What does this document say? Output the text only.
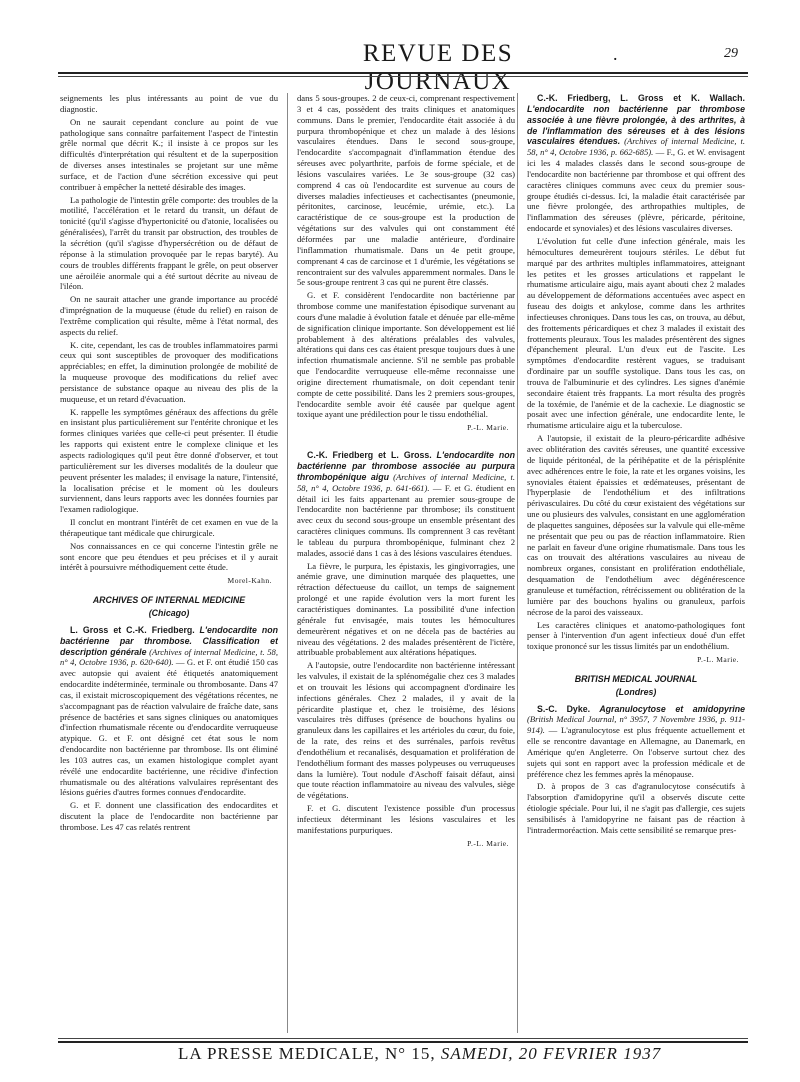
REVUE DES JOURNAUX
.	29

seignements les plus intéressants au point de vue du diagnostic.

On ne saurait cependant conclure au point de vue pathologique sans connaître parfaitement l'aspect de l'intestin grêle normal que décrit K.; il insiste à ce propos sur les difficultés d'interprétation qui résultent et de la superposition de diverses anses intestinales se projetant sur une même surface, et de l'action d'une sécrétion excessive qui peut contribuer à empêcher la netteté désirable des images.

La pathologie de l'intestin grêle comporte: des troubles de la motilité, l'accélération et le retard du transit, un défaut de tonicité (qu'il s'agisse d'hypertonicité ou d'atonie, localisées ou généralisées), l'arrêt du transit par obstruction, des troubles de la sécrétion (qu'il s'agisse d'hypersécrétion ou de défaut de réponse à la stimulation provoquée par le repas baryté). Au cours de troubles différents frappant le grêle, on peut observer une aéroiléie anormale qui a été surtout décrite au niveau de l'iléon.

On ne saurait attacher une grande importance au procédé d'imprégnation de la muqueuse (étude du relief) en raison de l'extrême complication qui résulte, même à l'état normal, des aspects du relief.

K. cite, cependant, les cas de troubles inflammatoires parmi ceux qui sont susceptibles de provoquer des modifications appréciables; en effet, la diminution prolongée de mobilité de la muqueuse provoque des modifications du relief avec persistance de substance opaque au niveau des plis de la muqueuse, et un retard d'évacuation.

K. rappelle les symptômes généraux des affections du grêle en insistant plus particulièrement sur l'entérite chronique et les formes cliniques variées que celle-ci peut présenter. Il étudie les rapports qui existent entre le complexe clinique et les aspects radiologiques qu'il peut être donné d'observer, et tout particulièrement sur les diverses modalités de la douleur que peuvent présenter les malades; il envisage la nature, l'intensité, la localisation précise et le moment où les douleurs surviennent, dans leurs rapports avec les données fournies par l'examen radiologique.

Il conclut en montrant l'intérêt de cet examen en vue de la thérapeutique tant médicale que chirurgicale.

Nos connaissances en ce qui concerne l'intestin grêle ne sont encore que peu étendues et peu précises et il y aurait intérêt à poursuivre méthodiquement cette étude.

Morel-Kahn.

ARCHIVES OF INTERNAL MEDICINE

(Chicago)

L. Gross et C.-K. Friedberg. L'endocardite non bactérienne par thrombose. Classification et description générale (Archives of internal Medicine, t. 58, n° 4, Octobre 1936, p. 620-640). — G. et F. ont étudié 150 cas avec autopsie qui avaient été étiquetés anatomiquement endocardite indéterminée, terminale ou thrombosante. Dans 47 cas, il existait microscopiquement des végétations récentes, ne s'accompagnant pas de réaction valvulaire de fraîche date, sans présence de bactéries et sans signes cliniques ou anatomiques d'infection rhumatismale récente ou d'endocardite verruqueuse atypique. G. et F. ont désigné cet état sous le nom d'endocardite non bactérienne par thrombose. Ils ont éliminé les 103 autres cas, un examen histologique complet ayant révélé une endocardite bactérienne, une récidive d'infection rhumatismale ou des altérations valvulaires représentant des lésions guéries d'autres formes connues d'endocardite.

G. et F. donnent une classification des endocardites et discutent la place de l'endocardite non bactérienne par thrombose. Les 47 cas relatés rentrent

dans 5 sous-groupes. 2 de ceux-ci, comprenant respectivement 3 et 4 cas, possèdent des traits cliniques et anatomiques communs. Dans le premier, l'endocardite était associée à du purpura thrombopénique et chez un malade à des lésions vasculaires étendues. Dans le second sous-groupe, l'endocardite s'accompagnait d'inflammation étendue des séreuses avec polyarthrite, parfois de forme spéciale, et de lésions vasculaires variées. Le 3e sous-groupe (32 cas) comprend 4 cas où l'endocardite est survenue au cours de diverses maladies infectieuses et cachectisantes (pneumonie, péritonites, carcinose, leucémie, urémie, etc.). La caractéristique de ce sous-groupe est la production de végétations sur des valvules qui ont constamment été déformées par une maladie antérieure, d'ordinaire l'inflammation rhumatismale. Dans un 4e petit groupe, comprenant 4 cas de carcinose et 1 d'urémie, les végétations se rencontraient sur des valvules apparemment normales. Dans le 5e sous-groupe rentrent 3 cas qui ne purent être classés.

G. et F. considèrent l'endocardite non bactérienne par thrombose comme une manifestation épisodique survenant au cours d'une maladie à évolution fatale et dénuée par elle-même de signification clinique importante. Son développement est lié probablement à des altérations préalables des valvules, altérations qui dans ces cas étaient presque toujours dues à une infection rhumatismale ancienne. S'il ne semble pas probable que l'endocardite verruqueuse elle-même reconnaisse une origine directement rhumatismale, on doit cependant tenir compte de cette possibilité. Dans les 2 premiers sous-groupes, l'endocardite semble avoir été causée par quelque agent toxique ayant une prédilection pour le tissu endothélial.

P.-L. Marie.

C.-K. Friedberg et L. Gross. L'endocardite non bactérienne par thrombose associée au purpura thrombopénique aigu (Archives of internal Medicine, t. 58, n° 4, Octobre 1936, p. 641-661). — F. et G. étudient en détail ici les faits appartenant au premier sous-groupe de l'endocardite non bactérienne par thrombose; ils constituent avec ceux du second sous-groupe un ensemble présentant des caractères cliniques communs. Ils comprennent 3 cas revêtant le tableau du purpura thrombopénique, fulminant chez 2 malades, associé dans 1 cas à des lésions vasculaires étendues.

La fièvre, le purpura, les épistaxis, les gingivorragies, une anémie grave, une diminution marquée des plaquettes, une rétraction défectueuse du caillot, un temps de saignement prolongé et une rapide évolution vers la mort furent les caractéristiques dominantes. La possibilité d'une infection générale fut envisagée, mais toutes les hémocultures demeurèrent négatives et on ne décela pas de bactéries au niveau des végétations. 2 des malades présentèrent de l'ictère, attribuable probablement aux altérations hépatiques.

A l'autopsie, outre l'endocardite non bactérienne intéressant les valvules, il existait de la splénomégalie chez ces 3 malades et on trouvait les lésions qui accompagnent d'ordinaire les infections générales. Chez 2 malades, il y avait de la péricardite plastique et, chez le troisième, des lésions vasculaires très diffuses (présence de bouchons hyalins ou granuleux dans les capillaires et les artérioles du cœur, du foie, de la rate, des reins et des surrénales, parfois revêtus d'endothélium et recanalisés, desquamation et prolifération de l'endothélium formant des masses polypeuses ou verruqueuses dans la lumière). Tout nodule d'Aschoff faisait défaut, ainsi que toute réaction inflammatoire au niveau des valvules, siège de végétations.

F. et G. discutent l'existence possible d'un processus infectieux déterminant les lésions vasculaires et les manifestations purpuriques.

P.-L. Marie.

C.-K. Friedberg, L. Gross et K. Wallach. L'endocardite non bactérienne par thrombose associée à une fièvre prolongée, à des arthrites, à de l'inflammation des séreuses et à des lésions vasculaires étendues. (Archives of internal Medicine, t. 58, n° 4, Octobre 1936, p. 662-685). — F., G. et W. envisagent ici les 4 malades classés dans le second sous-groupe de l'endocardite non bactérienne par thrombose et qui offrent des caractères cliniques communs avec ceux du premier sous-groupe étudiés ci-dessus. Ici, la maladie était caractérisée par une fièvre prolongée, des arthropathies multiples, de l'inflammation des séreuses (plèvre, péricarde, péritoine, endocarde et synoviales) et des lésions vasculaires diverses.

L'évolution fut celle d'une infection générale, mais les hémocultures demeurèrent toujours stériles. Le début fut marqué par des arthrites multiples inflammatoires, atteignant les petites et les grosses articulations et rappelant le rhumatisme articulaire aigu, mais ayant abouti chez 2 malades au développement de déformations accentuées avec aspect en fuseau des doigts et ankylose, comme dans les arthrites infectieuses chroniques. Dans tous les cas, on trouva, au début, des frottements péricardiques et chez 3 malades il existait des frottements pleuraux. Tous les malades présentèrent des signes d'épanchement pleural. L'un d'eux eut de l'ascite. Les symptômes d'endocardite restèrent vagues, se traduisant d'ordinaire par un souffle systolique. Dans tous les cas, on trouva de l'albuminurie et des cylindres. Les signes d'anémie secondaire étaient très frappants. La mort résulta des progrès de la toxémie, de l'anémie et de la cachexie. Le diagnostic se posait avec une infection générale, une endocardite lente, le rhumatisme articulaire aigu et la tuberculose.

A l'autopsie, il existait de la pleuro-péricardite adhésive avec oblitération des cavités séreuses, une quantité excessive de liquide péritonéal, de la périhépatite et de la périsplénite avec adhérences entre le foie, la rate et les organes voisins, les synoviales étaient épaissies et œdémateuses, présentant de l'hyperplasie de l'endothélium et des infiltrations périvasculaires. Du côté du cœur existaient des végétations sur une ou plusieurs des valvules, consistant en une agglomération de plaquettes sanguines, déposées sur la valvule qui elle-même ne présentait que peu ou pas de réaction inflammatoire. Rien ne parlait en faveur d'une origine rhumatismale. Dans tous les cas on trouvait des altérations vasculaires au niveau de nombreux organes, consistant en prolifération endothéliale, desquamation de l'endothélium avec dégénérescence granuleuse et tuméfaction, rétrécissement ou oblitération de la lumière par des bouchons hyalins ou granuleux, parfois nécrose de la paroi des vaisseaux.

Les caractères cliniques et anatomo-pathologiques font penser à l'intervention d'un agent infectieux doué d'un effet toxique prononcé sur les tissus limités par un endothélium.

P.-L. Marie.

BRITISH MEDICAL JOURNAL

(Londres)

S.-C. Dyke. Agranulocytose et amidopyrine (British Medical Journal, n° 3957, 7 Novembre 1936, p. 911-914). — L'agranulocytose est plus fréquente actuellement et elle se rencontre davantage en Allemagne, au Danemark, en Amérique qu'en Angleterre. On l'observe surtout chez des sujets qui sont en rapport avec la profession médicale et de préférence chez les femmes après la ménopause.

D. à propos de 3 cas d'agranulocytose consécutifs à l'absorption d'amidopyrine qu'il a observés discute cette étiologie spéciale. Pour lui, il ne s'agit pas d'allergie, ces sujets sensibilisés à l'amidopyrine ne faisant pas de réaction à l'intradermoréaction. Mais cette sensibilité se remarque pres-

LA PRESSE MEDICALE, N° 15, SAMEDI, 20 FEVRIER 1937
